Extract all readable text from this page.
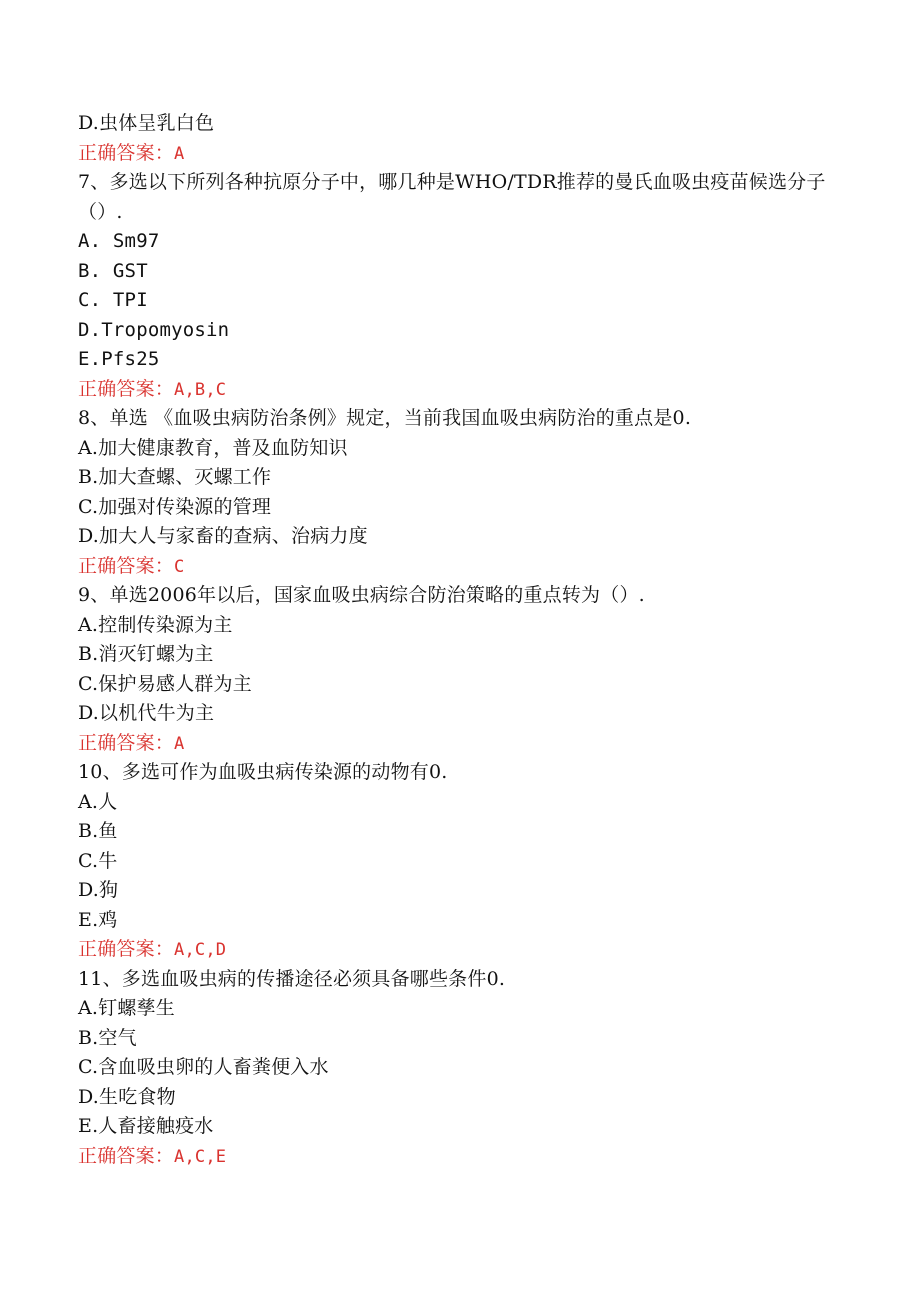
D.虫体呈乳白色
正确答案：A
7、多选以下所列各种抗原分子中，哪几种是WHO/TDR推荐的曼氏血吸虫疫苗候选分子（）.
A. Sm97
B. GST
C. TPI
D.Tropomyosin
E.Pfs25
正确答案：A,B,C
8、单选 《血吸虫病防治条例》规定，当前我国血吸虫病防治的重点是0.
A.加大健康教育，普及血防知识
B.加大查螺、灭螺工作
C.加强对传染源的管理
D.加大人与家畜的查病、治病力度
正确答案：C
9、单选2006年以后，国家血吸虫病综合防治策略的重点转为（）.
A.控制传染源为主
B.消灭钉螺为主
C.保护易感人群为主
D.以机代牛为主
正确答案：A
10、多选可作为血吸虫病传染源的动物有0.
A.人
B.鱼
C.牛
D.狗
E.鸡
正确答案：A,C,D
11、多选血吸虫病的传播途径必须具备哪些条件0.
A.钉螺孳生
B.空气
C.含血吸虫卵的人畜粪便入水
D.生吃食物
E.人畜接触疫水
正确答案：A,C,E
